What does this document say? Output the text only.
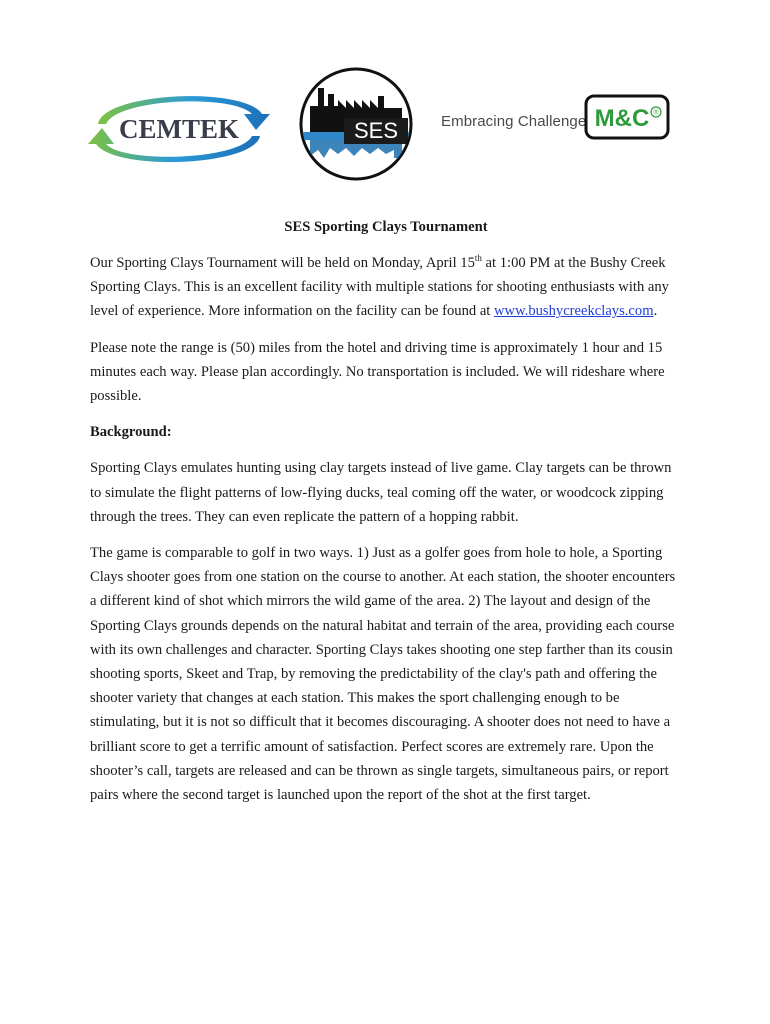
CEMTEK	SES	Embracing Challenge M&C ®
SES Sporting Clays Tournament

Our Sporting Clays Tournament will be held on Monday, April 15th at 1:00 PM at the Bushy Creek Sporting Clays. This is an excellent facility with multiple stations for shooting enthusiasts with any level of experience. More information on the facility can be found at www.bushycreekclays.com.

Please note the range is (50) miles from the hotel and driving time is approximately 1 hour and 15 minutes each way. Please plan accordingly. No transportation is included. We will rideshare where possible.

Background:

Sporting Clays emulates hunting using clay targets instead of live game. Clay targets can be thrown to simulate the flight patterns of low-flying ducks, teal coming off the water, or woodcock zipping through the trees. They can even replicate the pattern of a hopping rabbit.

The game is comparable to golf in two ways. 1) Just as a golfer goes from hole to hole, a Sporting Clays shooter goes from one station on the course to another. At each station, the shooter encounters a different kind of shot which mirrors the wild game of the area. 2) The layout and design of the Sporting Clays grounds depends on the natural habitat and terrain of the area, providing each course with its own challenges and character. Sporting Clays takes shooting one step farther than its cousin shooting sports, Skeet and Trap, by removing the predictability of the clay's path and offering the shooter variety that changes at each station. This makes the sport challenging enough to be stimulating, but it is not so difficult that it becomes discouraging. A shooter does not need to have a brilliant score to get a terrific amount of satisfaction. Perfect scores are extremely rare. Upon the shooter’s call, targets are released and can be thrown as single targets, simultaneous pairs, or report pairs where the second target is launched upon the report of the shot at the first target.
